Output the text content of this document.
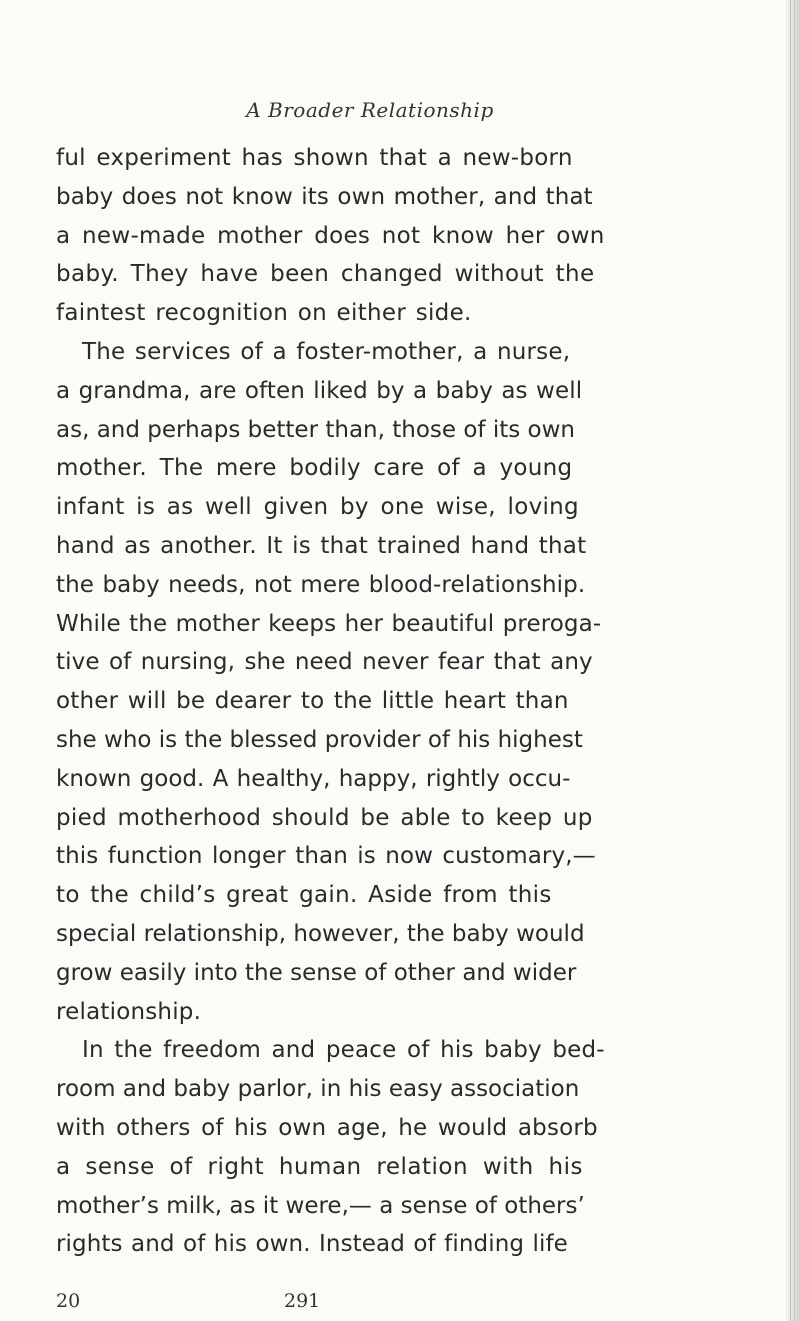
A Broader Relationship
ful experiment has shown that a new-born
baby does not know its own mother, and that
a new-made mother does not know her own
baby. They have been changed without the
faintest recognition on either side.
The services of a foster-mother, a nurse,
a grandma, are often liked by a baby as well
as, and perhaps better than, those of its own
mother. The mere bodily care of a young
infant is as well given by one wise, loving
hand as another. It is that trained hand that
the baby needs, not mere blood-relationship.
While the mother keeps her beautiful preroga-
tive of nursing, she need never fear that any
other will be dearer to the little heart than
she who is the blessed provider of his highest
known good. A healthy, happy, rightly occu-
pied motherhood should be able to keep up
this function longer than is now customary,—
to the child’s great gain. Aside from this
special relationship, however, the baby would
grow easily into the sense of other and wider
relationship.
In the freedom and peace of his baby bed-
room and baby parlor, in his easy association
with others of his own age, he would absorb
a sense of right human relation with his
mother’s milk, as it were,— a sense of others’
rights and of his own. Instead of finding life
20	291
